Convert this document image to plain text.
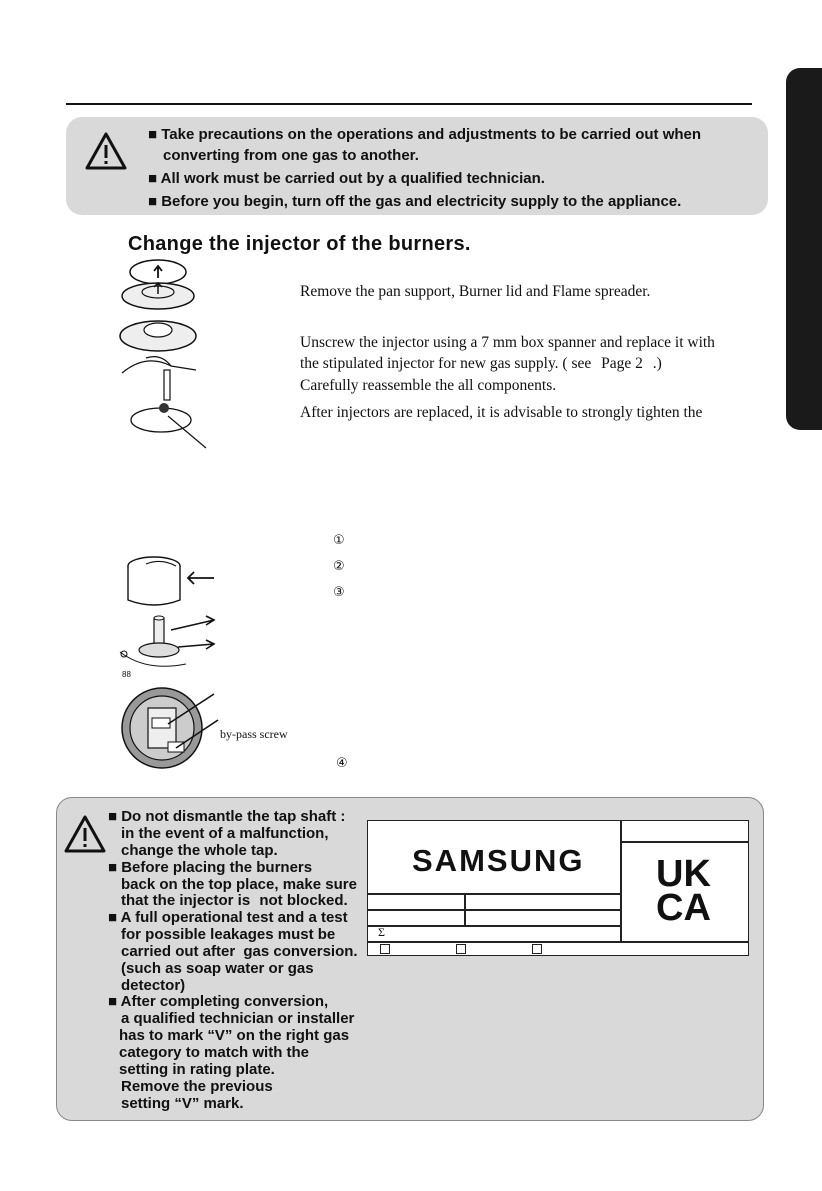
■ Take precautions on the operations and adjustments to be carried out when
converting from one gas to another.
■ All work must be carried out by a qualified technician.
■ Before you begin, turn off the gas and electricity supply to the appliance.
Change the injector of the burners.
Remove the pan support, Burner lid and Flame spreader.
Unscrew the injector using a 7 mm box spanner and replace it with
the stipulated injector for new gas supply. ( see Page 2 .)
Carefully reassemble the all components.
After injectors are replaced, it is advisable to strongly tighten the
①
②
③
④
88
by-pass screw
■ Do not dismantle the tap shaft :
in the event of a malfunction,
change the whole tap.
■ Before placing the burners
back on the top place, make sure
that the injector is not blocked.
■ A full operational test and a test
for possible leakages must be
carried out after gas conversion.
(such as soap water or gas
detector)
■ After completing conversion,
a qualified technician or installer
has to mark “V” on the right gas
category to match with the
setting in rating plate.
Remove the previous
setting “V” mark.
SAMSUNG UK
CA
Σ
